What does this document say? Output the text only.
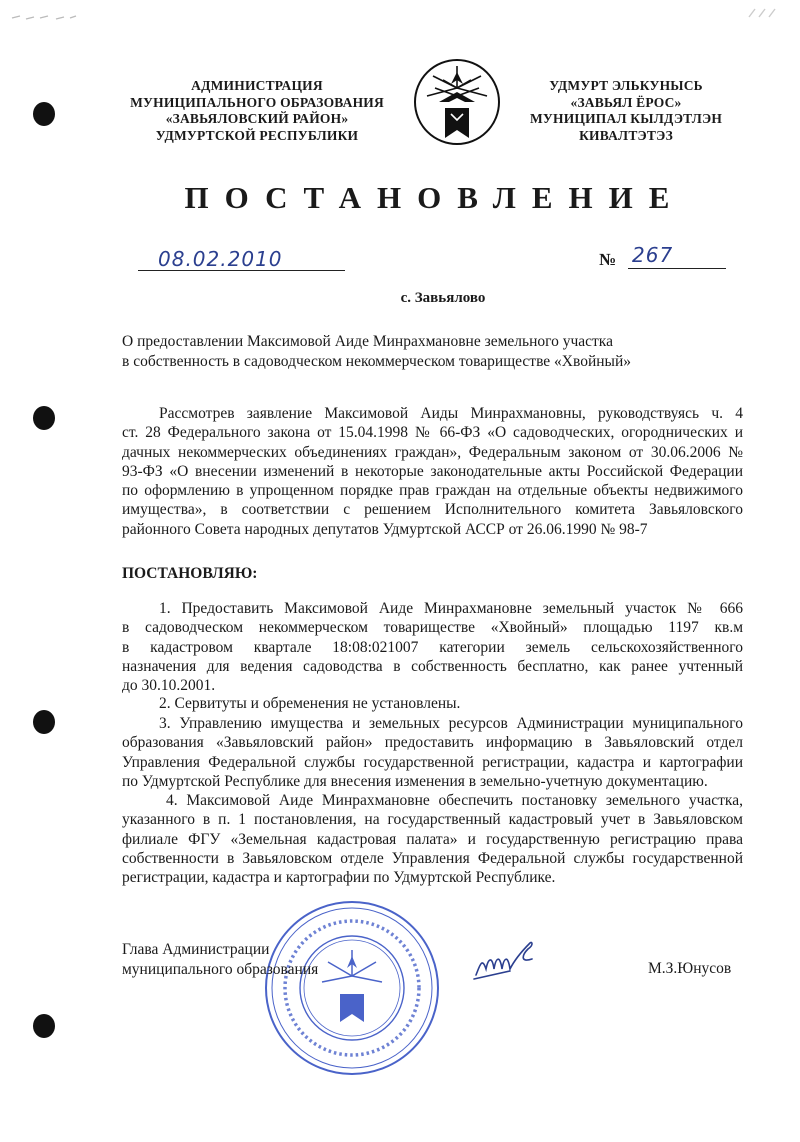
АДМИНИСТРАЦИЯ
МУНИЦИПАЛЬНОГО ОБРАЗОВАНИЯ
«ЗАВЬЯЛОВСКИЙ РАЙОН»
УДМУРТСКОЙ РЕСПУБЛИКИ
УДМУРТ ЭЛЬКУНЫСЬ
«ЗАВЬЯЛ ЁРОС»
МУНИЦИПАЛ КЫЛДЭТЛЭН
КИВАЛТЭТЭЗ
ПОСТАНОВЛЕНИЕ
08.02.2010	№ 267
с. Завьялово
О предоставлении Максимовой Аиде Минрахмановне земельного участка
в собственность в садоводческом некоммерческом товариществе «Хвойный»
Рассмотрев заявление Максимовой Аиды Минрахмановны, руководствуясь ч. 4
ст. 28 Федерального закона от 15.04.1998 № 66-ФЗ «О садоводческих, огороднических и
дачных некоммерческих объединениях граждан», Федеральным законом от 30.06.2006 №
93-ФЗ «О внесении изменений в некоторые законодательные акты Российской Федерации
по оформлению в упрощенном порядке прав граждан на отдельные объекты недвижимого
имущества», в соответствии с решением Исполнительного комитета Завьяловского
районного Совета народных депутатов Удмуртской АССР от 26.06.1990 № 98-7
ПОСТАНОВЛЯЮ:
1. Предоставить Максимовой Аиде Минрахмановне земельный участок № 666
в садоводческом некоммерческом товариществе «Хвойный» площадью 1197 кв.м
в кадастровом квартале 18:08:021007 категории земель сельскохозяйственного
назначения для ведения садоводства в собственность бесплатно, как ранее учтенный
до 30.10.2001.
2. Сервитуты и обременения не установлены.
3. Управлению имущества и земельных ресурсов Администрации муниципального
образования «Завьяловский район» предоставить информацию в Завьяловский отдел
Управления Федеральной службы государственной регистрации, кадастра и картографии
по Удмуртской Республике для внесения изменения в земельно-учетную документацию.
4. Максимовой Аиде Минрахмановне обеспечить постановку земельного участка,
указанного в п. 1 постановления, на государственный кадастровый учет в Завьяловском
филиале ФГУ «Земельная кадастровая палата» и государственную регистрацию права
собственности в Завьяловском отделе Управления Федеральной службы государственной
регистрации, кадастра и картографии по Удмуртской Республике.
Глава Администрации
муниципального образования	М.З.Юнусов
